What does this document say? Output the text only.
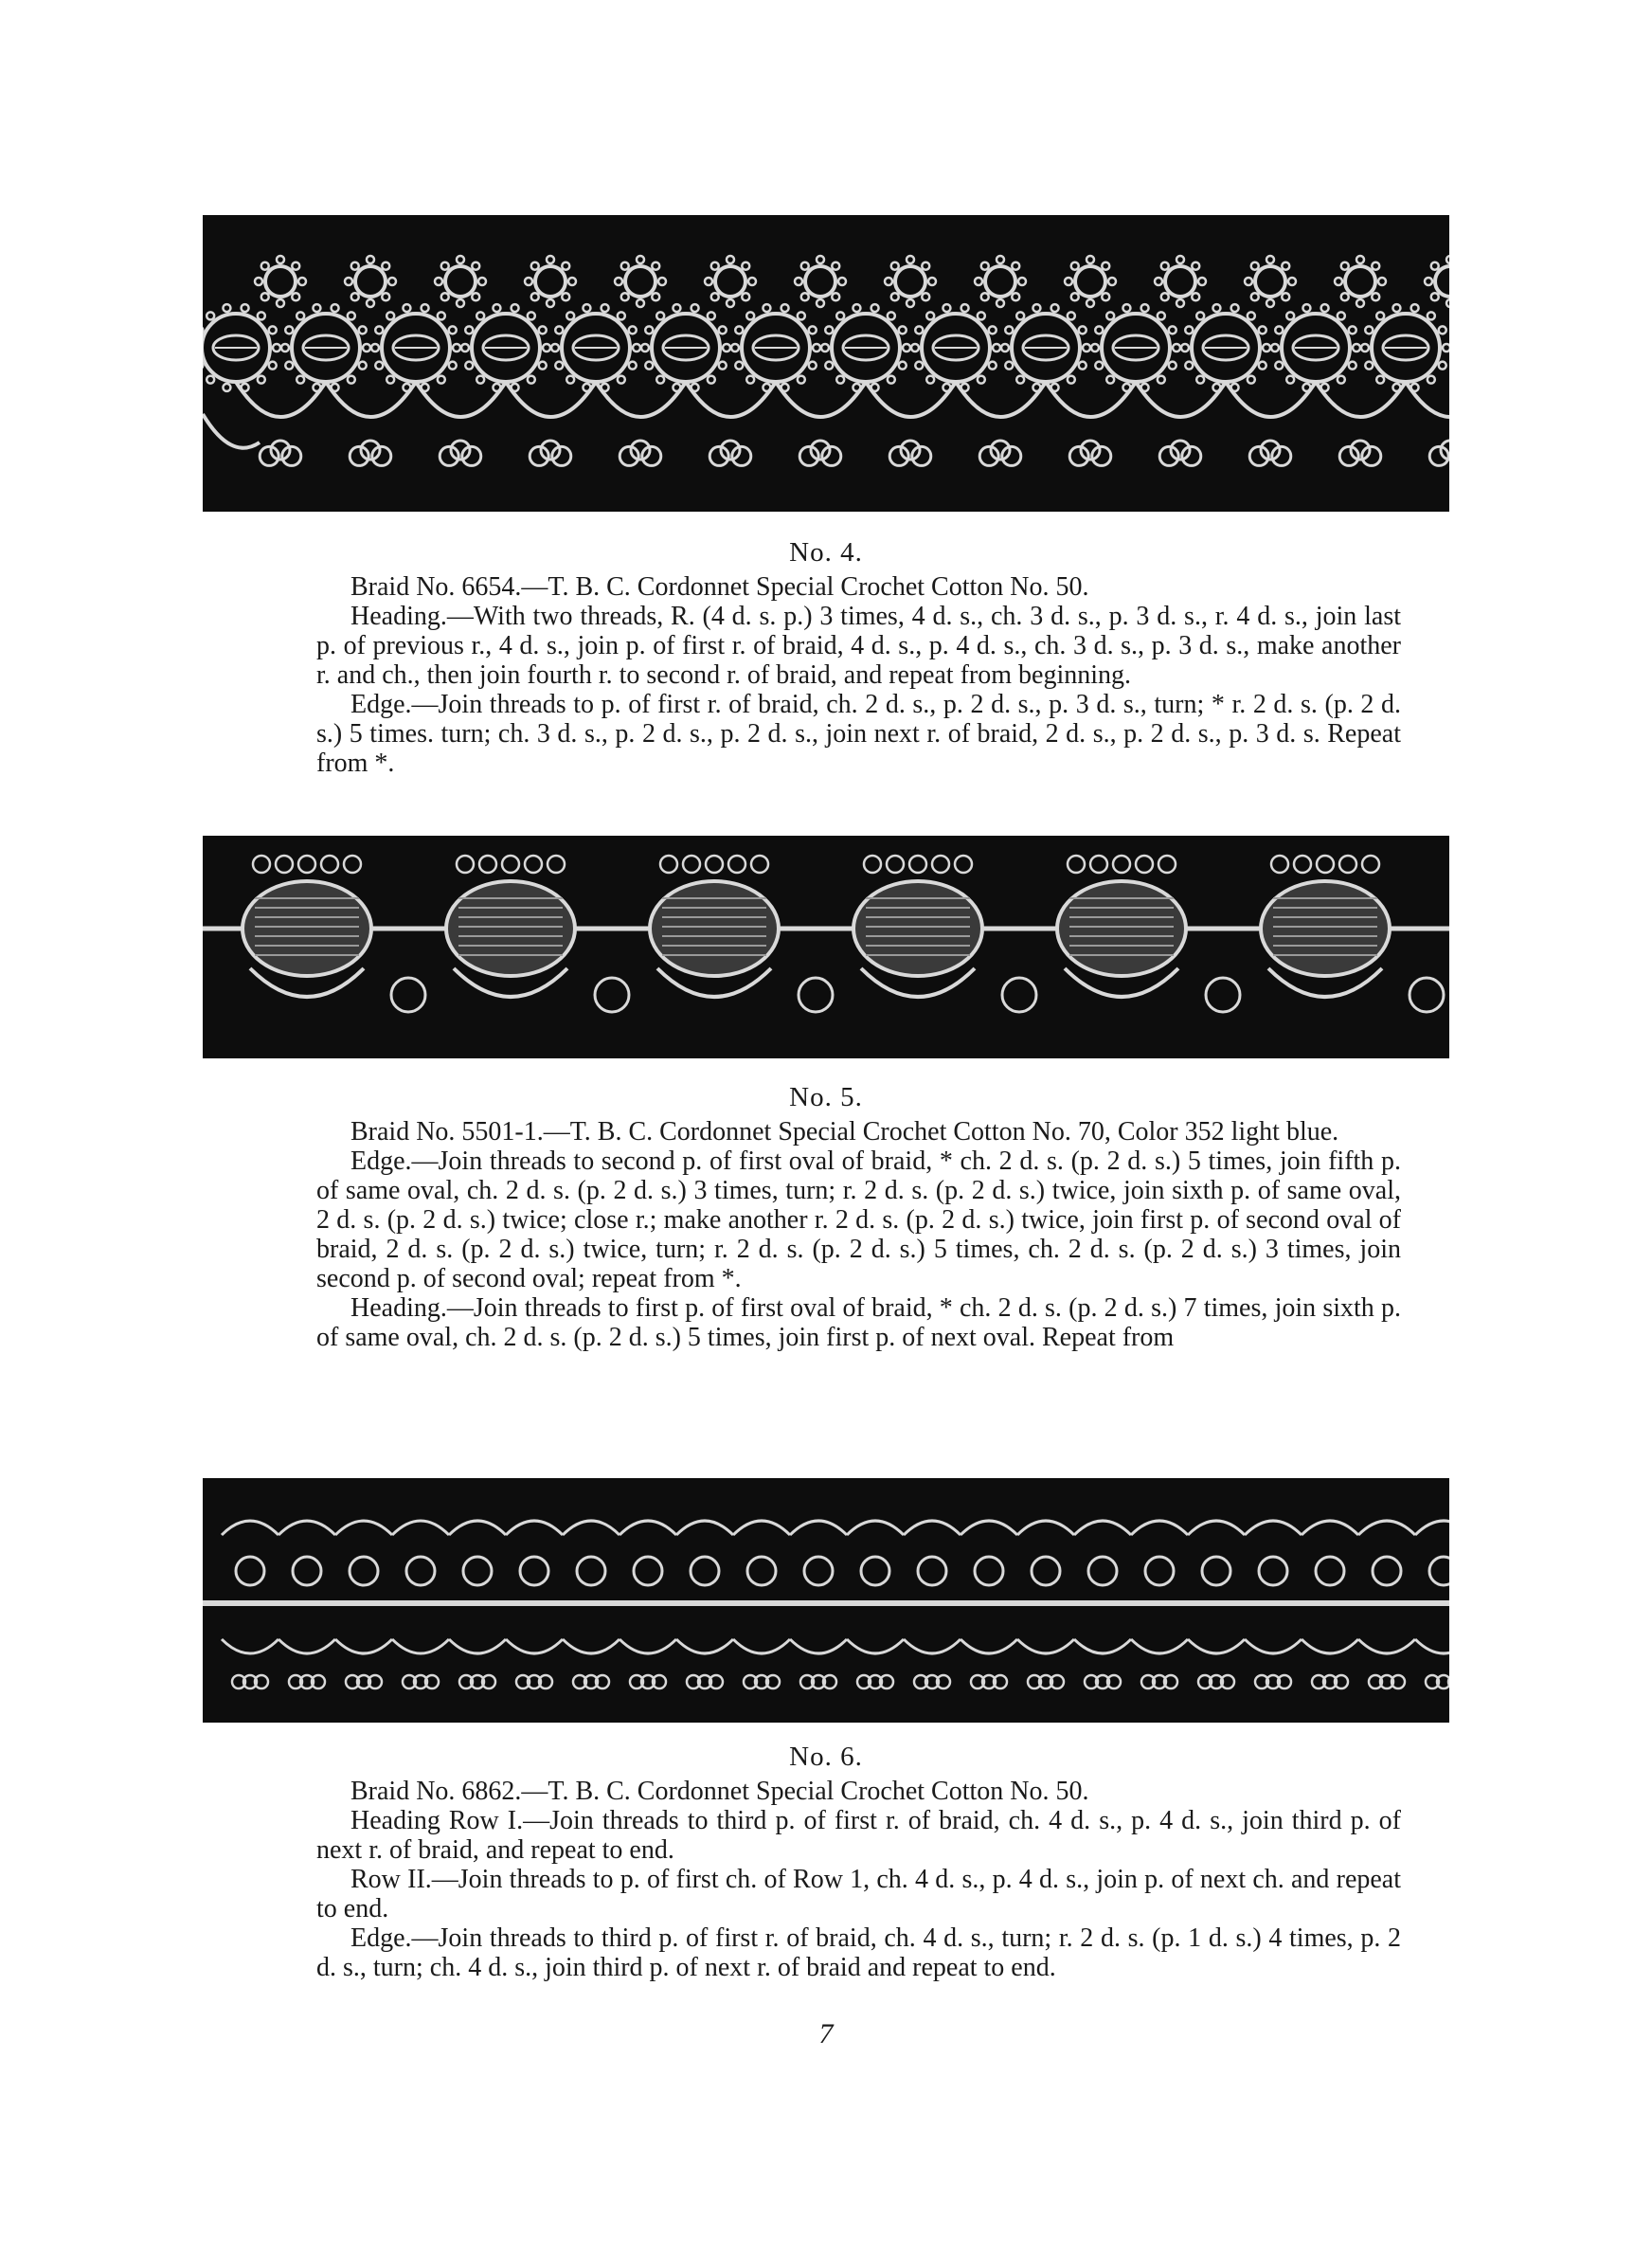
No. 4.

Braid No. 6654.—T. B. C. Cordonnet Special Crochet Cotton No. 50.

Heading.—With two threads, R. (4 d. s. p.) 3 times, 4 d. s., ch. 3 d. s., p. 3 d. s., r. 4 d. s., join last p. of previous r., 4 d. s., join p. of first r. of braid, 4 d. s., p. 4 d. s., ch. 3 d. s., p. 3 d. s., make another r. and ch., then join fourth r. to second r. of braid, and repeat from beginning.

Edge.—Join threads to p. of first r. of braid, ch. 2 d. s., p. 2 d. s., p. 3 d. s., turn; * r. 2 d. s. (p. 2 d. s.) 5 times. turn; ch. 3 d. s., p. 2 d. s., p. 2 d. s., join next r. of braid, 2 d. s., p. 2 d. s., p. 3 d. s. Repeat from *.

No. 5.

Braid No. 5501-1.—T. B. C. Cordonnet Special Crochet Cotton No. 70, Color 352 light blue.

Edge.—Join threads to second p. of first oval of braid, * ch. 2 d. s. (p. 2 d. s.) 5 times, join fifth p. of same oval, ch. 2 d. s. (p. 2 d. s.) 3 times, turn; r. 2 d. s. (p. 2 d. s.) twice, join sixth p. of same oval, 2 d. s. (p. 2 d. s.) twice; close r.; make another r. 2 d. s. (p. 2 d. s.) twice, join first p. of second oval of braid, 2 d. s. (p. 2 d. s.) twice, turn; r. 2 d. s. (p. 2 d. s.) 5 times, ch. 2 d. s. (p. 2 d. s.) 3 times, join second p. of second oval; repeat from *.

Heading.—Join threads to first p. of first oval of braid, * ch. 2 d. s. (p. 2 d. s.) 7 times, join sixth p. of same oval, ch. 2 d. s. (p. 2 d. s.) 5 times, join first p. of next oval. Repeat from

No. 6.

Braid No. 6862.—T. B. C. Cordonnet Special Crochet Cotton No. 50.

Heading Row I.—Join threads to third p. of first r. of braid, ch. 4 d. s., p. 4 d. s., join third p. of next r. of braid, and repeat to end.

Row II.—Join threads to p. of first ch. of Row 1, ch. 4 d. s., p. 4 d. s., join p. of next ch. and repeat to end.

Edge.—Join threads to third p. of first r. of braid, ch. 4 d. s., turn; r. 2 d. s. (p. 1 d. s.) 4 times, p. 2 d. s., turn; ch. 4 d. s., join third p. of next r. of braid and repeat to end.

7
